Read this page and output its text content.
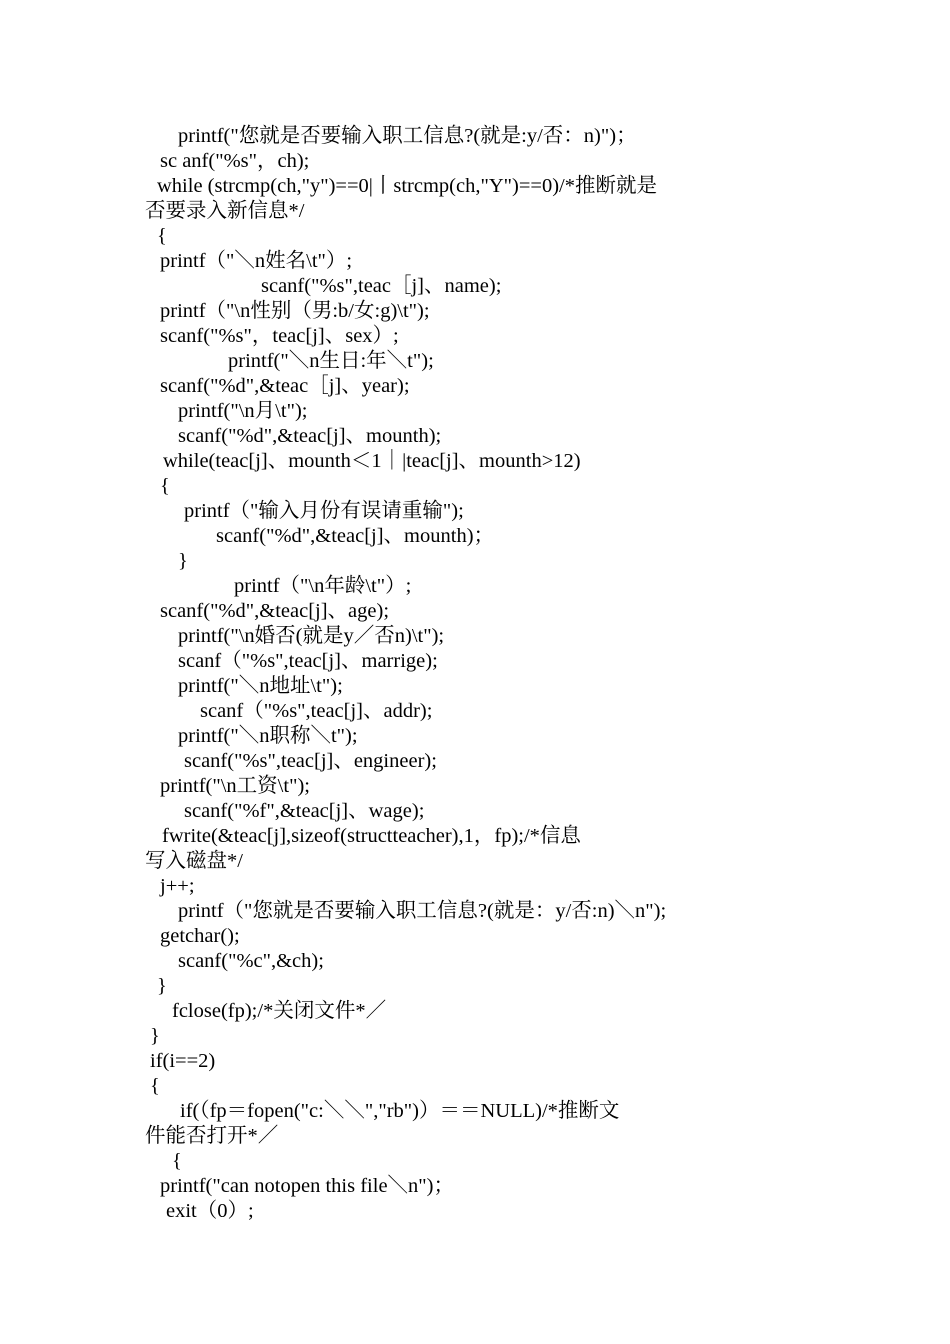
printf("您就是否要输入职工信息?(就是:y/否：n)")；
sc anf("%s"，ch);
while (strcmp(ch,"y")==0|丨strcmp(ch,"Y")==0)/*推断就是
否要录入新信息*/
{
printf（"＼n姓名\t"）;
scanf("%s",teac［j]、name);
printf（"\n性别（男:b/女:g)\t");
scanf("%s"，teac[j]、sex）;
printf("＼n生日:年＼t");
scanf("%d",&teac［j]、year);
printf("\n月\t");
scanf("%d",&teac[j]、mounth);
while(teac[j]、mounth＜1｜|teac[j]、mounth>12)
{
printf（"输入月份有误请重输");
scanf("%d",&teac[j]、mounth)；
}
printf（"\n年龄\t"）;
scanf("%d",&teac[j]、age);
printf("\n婚否(就是y／否n)\t");
scanf（"%s",teac[j]、marrige);
printf("＼n地址\t");
scanf（"%s",teac[j]、addr);
printf("＼n职称＼t");
scanf("%s",teac[j]、engineer);
printf("\n工资\t");
scanf("%f",&teac[j]、wage);
fwrite(&teac[j],sizeof(structteacher),1，fp);/*信息
写入磁盘*/
j++;
printf（"您就是否要输入职工信息?(就是：y/否:n)＼n");
getchar();
scanf("%c",&ch);
}
fclose(fp);/*关闭文件*／
}
if(i==2)
{
if(（fp＝fopen("c:＼＼","rb")）＝＝NULL)/*推断文
件能否打开*／
{
printf("can notopen this file＼n")；
exit（0）;
